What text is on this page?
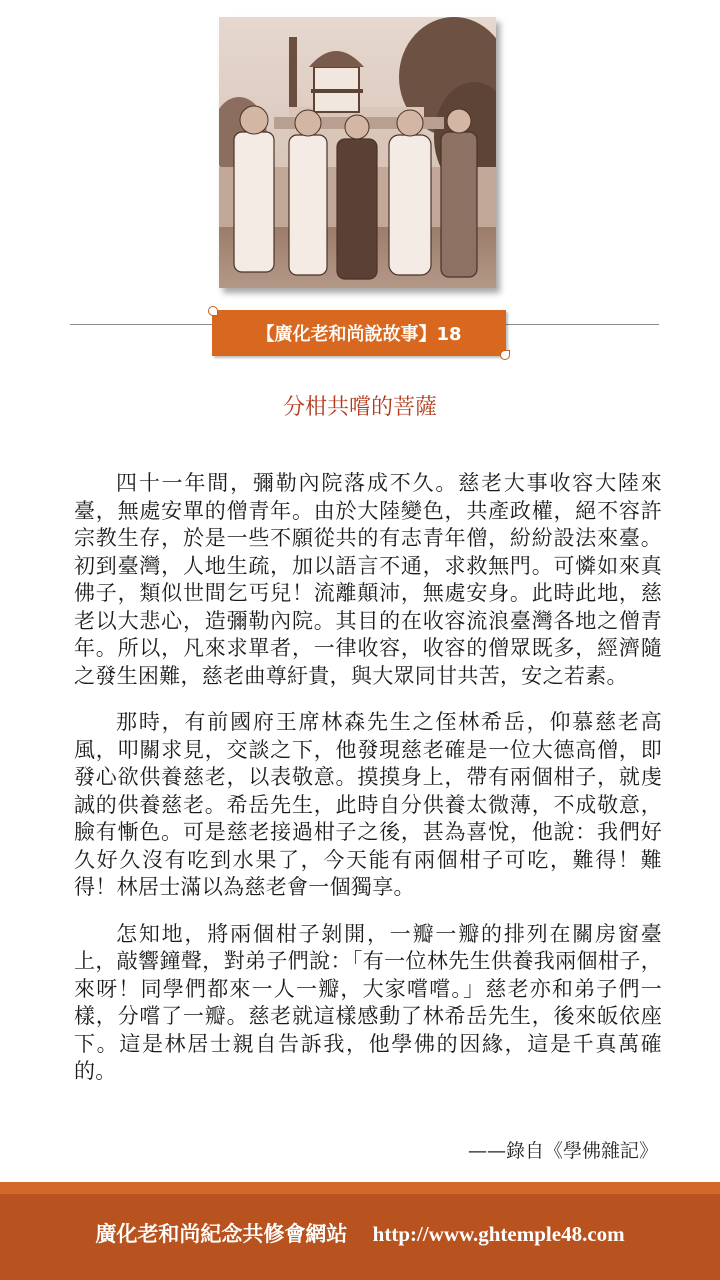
【廣化老和尚說故事】18
分柑共嚐的菩薩

四十一年間，彌勒內院落成不久。慈老大事收容大陸來臺，無處安單的僧青年。由於大陸變色，共產政權，絕不容許宗教生存，於是一些不願從共的有志青年僧，紛紛設法來臺。初到臺灣，人地生疏，加以語言不通，求救無門。可憐如來真佛子，類似世間乞丐兒！流離顛沛，無處安身。此時此地，慈老以大悲心，造彌勒內院。其目的在收容流浪臺灣各地之僧青年。所以，凡來求單者，一律收容，收容的僧眾既多，經濟隨之發生困難，慈老曲尊紆貴，與大眾同甘共苦，安之若素。

那時，有前國府王席林森先生之侄林希岳，仰慕慈老高風，叩關求見，交談之下，他發現慈老確是一位大德高僧，即發心欲供養慈老，以表敬意。摸摸身上，帶有兩個柑子，就虔誠的供養慈老。希岳先生，此時自分供養太微薄，不成敬意，臉有慚色。可是慈老接過柑子之後，甚為喜悅，他說：我們好久好久沒有吃到水果了，今天能有兩個柑子可吃，難得！難得！林居士滿以為慈老會一個獨享。

怎知地，將兩個柑子剝開，一瓣一瓣的排列在關房窗臺上，敲響鐘聲，對弟子們說：「有一位林先生供養我兩個柑子，來呀！同學們都來一人一瓣，大家嚐嚐。」慈老亦和弟子們一樣，分嚐了一瓣。慈老就這樣感動了林希岳先生，後來皈依座下。這是林居士親自告訴我，他學佛的因緣，這是千真萬確的。

——錄自《學佛雜記》
廣化老和尚紀念共修會網站 http://www.ghtemple48.com
